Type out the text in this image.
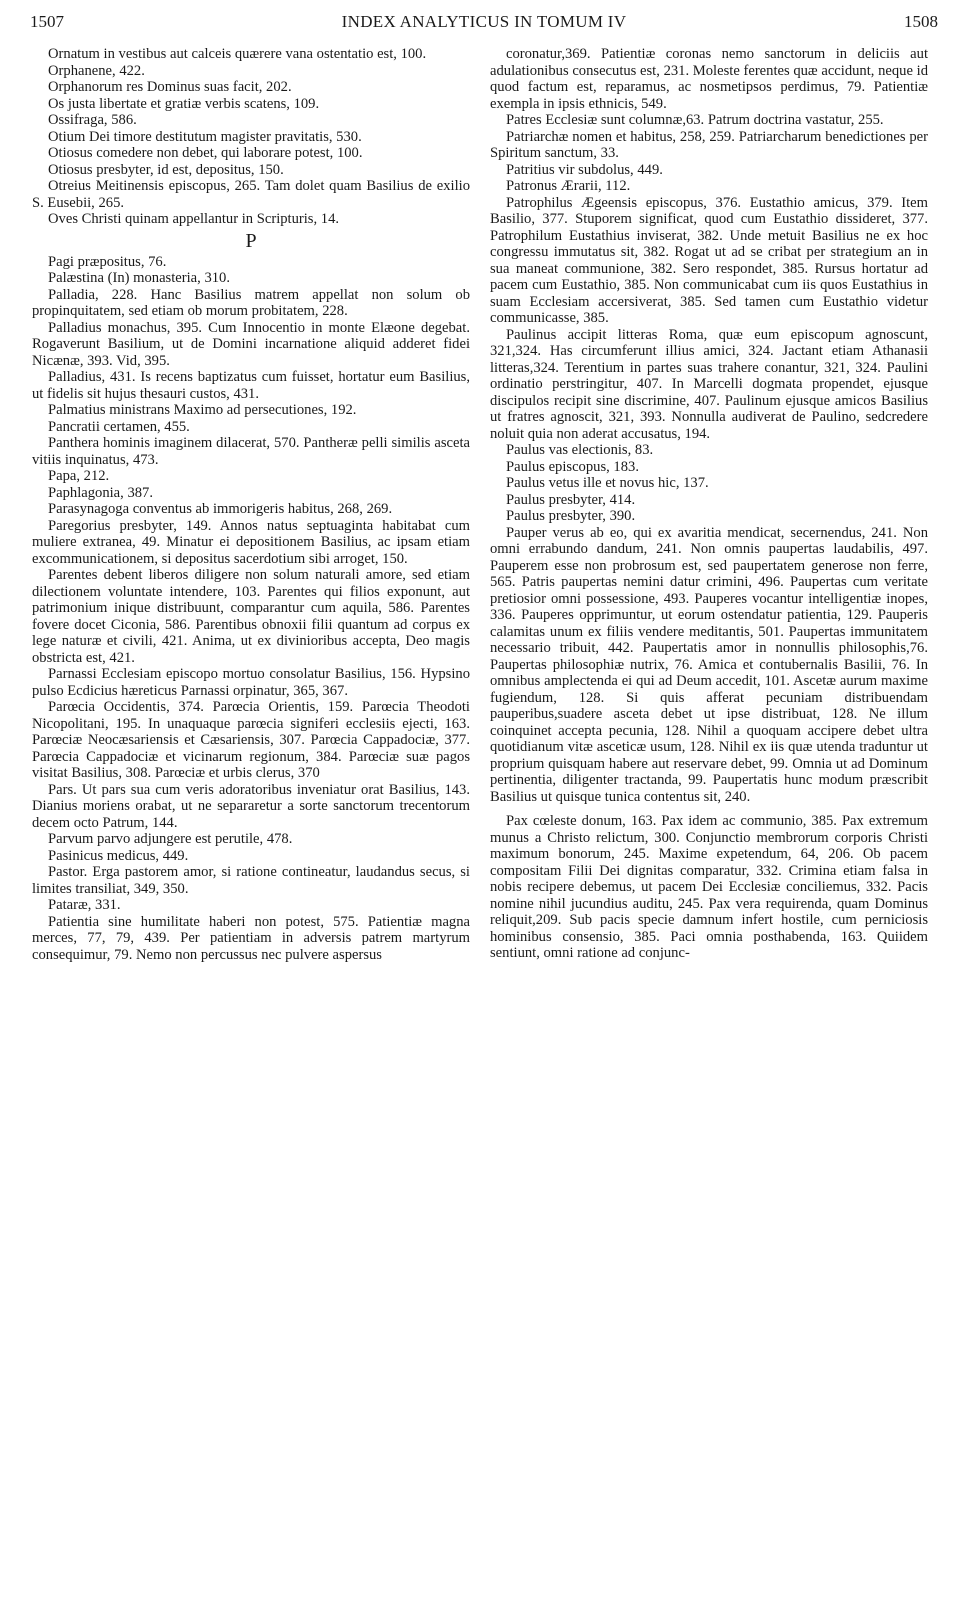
1507	INDEX ANALYTICUS IN TOMUM IV	1508

Ornatum in vestibus aut calceis quærere vana ostentatio est, 100.

Orphanene, 422.

Orphanorum res Dominus suas facit, 202.

Os justa libertate et gratiæ verbis scatens, 109.

Ossifraga, 586.

Otium Dei timore destitutum magister pravitatis, 530.

Otiosus comedere non debet, qui laborare potest, 100.

Otiosus presbyter, id est, depositus, 150.

Otreius Meitinensis episcopus, 265. Tam dolet quam Basilius de exilio S. Eusebii, 265.

Oves Christi quinam appellantur in Scripturis, 14.

P

Pagi præpositus, 76.

Palæstina (In) monasteria, 310.

Palladia, 228. Hanc Basilius matrem appellat non solum ob propinquitatem, sed etiam ob morum probitatem, 228.

Palladius monachus, 395. Cum Innocentio in monte Elæone degebat. Rogaverunt Basilium, ut de Domini incarnatione aliquid adderet fidei Nicænæ, 393. Vid, 395.

Palladius, 431. Is recens baptizatus cum fuisset, hortatur eum Basilius, ut fidelis sit hujus thesauri custos, 431.

Palmatius ministrans Maximo ad persecutiones, 192.

Pancratii certamen, 455.

Panthera hominis imaginem dilacerat, 570. Pantheræ pelli similis asceta vitiis inquinatus, 473.

Papa, 212.

Paphlagonia, 387.

Parasynagoga conventus ab immorigeris habitus, 268, 269.

Paregorius presbyter, 149. Annos natus septuaginta habitabat cum muliere extranea, 49. Minatur ei depositionem Basilius, ac ipsam etiam excommunicationem, si depositus sacerdotium sibi arroget, 150.

Parentes debent liberos diligere non solum naturali amore, sed etiam dilectionem voluntate intendere, 103. Parentes qui filios exponunt, aut patrimonium inique distribuunt, comparantur cum aquila, 586. Parentes fovere docet Ciconia, 586. Parentibus obnoxii filii quantum ad corpus ex lege naturæ et civili, 421. Anima, ut ex divinioribus accepta, Deo magis obstricta est, 421.

Parnassi Ecclesiam episcopo mortuo consolatur Basilius, 156. Hypsino pulso Ecdicius hæreticus Parnassi orpinatur, 365, 367.

Parœcia Occidentis, 374. Parœcia Orientis, 159. Parœcia Theodoti Nicopolitani, 195. In unaquaque parœcia signiferi ecclesiis ejecti, 163. Parœciæ Neocæsariensis et Cæsariensis, 307. Parœcia Cappadociæ, 377. Parœcia Cappadociæ et vicinarum regionum, 384. Parœciæ suæ pagos visitat Basilius, 308. Parœciæ et urbis clerus, 370

Pars. Ut pars sua cum veris adoratoribus inveniatur orat Basilius, 143. Dianius moriens orabat, ut ne separaretur a sorte sanctorum trecentorum decem octo Patrum, 144.

Parvum parvo adjungere est perutile, 478.

Pasinicus medicus, 449.

Pastor. Erga pastorem amor, si ratione contineatur, laudandus secus, si limites transiliat, 349, 350.

Pataræ, 331.

Patientia sine humilitate haberi non potest, 575. Patientiæ magna merces, 77, 79, 439. Per patientiam in adversis patrem martyrum consequimur, 79. Nemo non percussus nec pulvere aspersus

coronatur,369. Patientiæ coronas nemo sanctorum in deliciis aut adulationibus consecutus est, 231. Moleste ferentes quæ accidunt, neque id quod factum est, reparamus, ac nosmetipsos perdimus, 79. Patientiæ exempla in ipsis ethnicis, 549.

Patres Ecclesiæ sunt columnæ,63. Patrum doctrina vastatur, 255.

Patriarchæ nomen et habitus, 258, 259. Patriarcharum benedictiones per Spiritum sanctum, 33.

Patritius vir subdolus, 449.

Patronus Ærarii, 112.

Patrophilus Ægeensis episcopus, 376. Eustathio amicus, 379. Item Basilio, 377. Stuporem significat, quod cum Eustathio dissideret, 377. Patrophilum Eustathius inviserat, 382. Unde metuit Basilius ne ex hoc congressu immutatus sit, 382. Rogat ut ad se cribat per strategium an in sua maneat communione, 382. Sero respondet, 385. Rursus hortatur ad pacem cum Eustathio, 385. Non communicabat cum iis quos Eustathius in suam Ecclesiam accersiverat, 385. Sed tamen cum Eustathio videtur communicasse, 385.

Paulinus accipit litteras Roma, quæ eum episcopum agnoscunt, 321,324. Has circumferunt illius amici, 324. Jactant etiam Athanasii litteras,324. Terentium in partes suas trahere conantur, 321, 324. Paulini ordinatio perstringitur, 407. In Marcelli dogmata propendet, ejusque discipulos recipit sine discrimine, 407. Paulinum ejusque amicos Basilius ut fratres agnoscit, 321, 393. Nonnulla audiverat de Paulino, sedcredere noluit quia non aderat accusatus, 194.

Paulus vas electionis, 83.

Paulus episcopus, 183.

Paulus vetus ille et novus hic, 137.

Paulus presbyter, 414.

Paulus presbyter, 390.

Pauper verus ab eo, qui ex avaritia mendicat, secernendus, 241. Non omni errabundo dandum, 241. Non omnis paupertas laudabilis, 497. Pauperem esse non probrosum est, sed paupertatem generose non ferre, 565. Patris paupertas nemini datur crimini, 496. Paupertas cum veritate pretiosior omni possessione, 493. Pauperes vocantur intelligentiæ inopes, 336. Pauperes opprimuntur, ut eorum ostendatur patientia, 129. Pauperis calamitas unum ex filiis vendere meditantis, 501. Paupertas immunitatem necessario tribuit, 442. Paupertatis amor in nonnullis philosophis,76. Paupertas philosophiæ nutrix, 76. Amica et contubernalis Basilii, 76. In omnibus amplectenda ei qui ad Deum accedit, 101. Ascetæ aurum maxime fugiendum, 128. Si quis afferat pecuniam distribuendam pauperibus,suadere asceta debet ut ipse distribuat, 128. Ne illum coinquinet accepta pecunia, 128. Nihil a quoquam accipere debet ultra quotidianum vitæ asceticæ usum, 128. Nihil ex iis quæ utenda traduntur ut proprium quisquam habere aut reservare debet, 99. Omnia ut ad Dominum pertinentia, diligenter tractanda, 99. Paupertatis hunc modum præscribit Basilius ut quisque tunica contentus sit, 240.

Pax cœleste donum, 163. Pax idem ac communio, 385. Pax extremum munus a Christo relictum, 300. Conjunctio membrorum corporis Christi maximum bonorum, 245. Maxime expetendum, 64, 206. Ob pacem compositam Filii Dei dignitas comparatur, 332. Crimina etiam falsa in nobis recipere debemus, ut pacem Dei Ecclesiæ conciliemus, 332. Pacis nomine nihil jucundius auditu, 245. Pax vera requirenda, quam Dominus reliquit,209. Sub pacis specie damnum infert hostile, cum perniciosis hominibus consensio, 385. Paci omnia posthabenda, 163. Quiidem sentiunt, omni ratione ad conjunc-
